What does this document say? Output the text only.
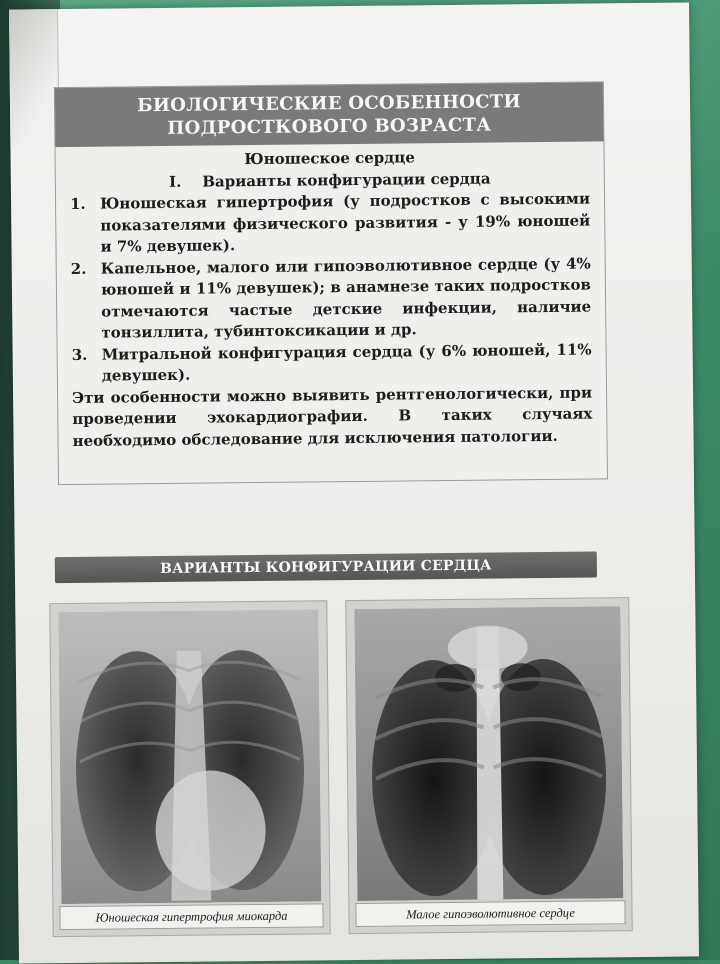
БИОЛОГИЧЕСКИЕ ОСОБЕННОСТИ
ПОДРОСТКОВОГО ВОЗРАСТА
Юношеское сердце
I. Варианты конфигурации сердца
1. Юношеская гипертрофия (у подростков с высокими показателями физического развития - у 19% юношей и 7% девушек).
2. Капельное, малого или гипоэволютивное сердце (у 4% юношей и 11% девушек); в анамнезе таких подростков отмечаются частые детские инфекции, наличие тонзиллита, тубинтоксикации и др.
3. Митральной конфигурация сердца (у 6% юношей, 11% девушек).
Эти особенности можно выявить рентгенологически, при проведении эхокардиографии. В таких случаях необходимо обследование для исключения патологии.
ВАРИАНТЫ КОНФИГУРАЦИИ СЕРДЦА
Юношеская гипертрофия миокарда	Малое гипоэволютивное сердце
